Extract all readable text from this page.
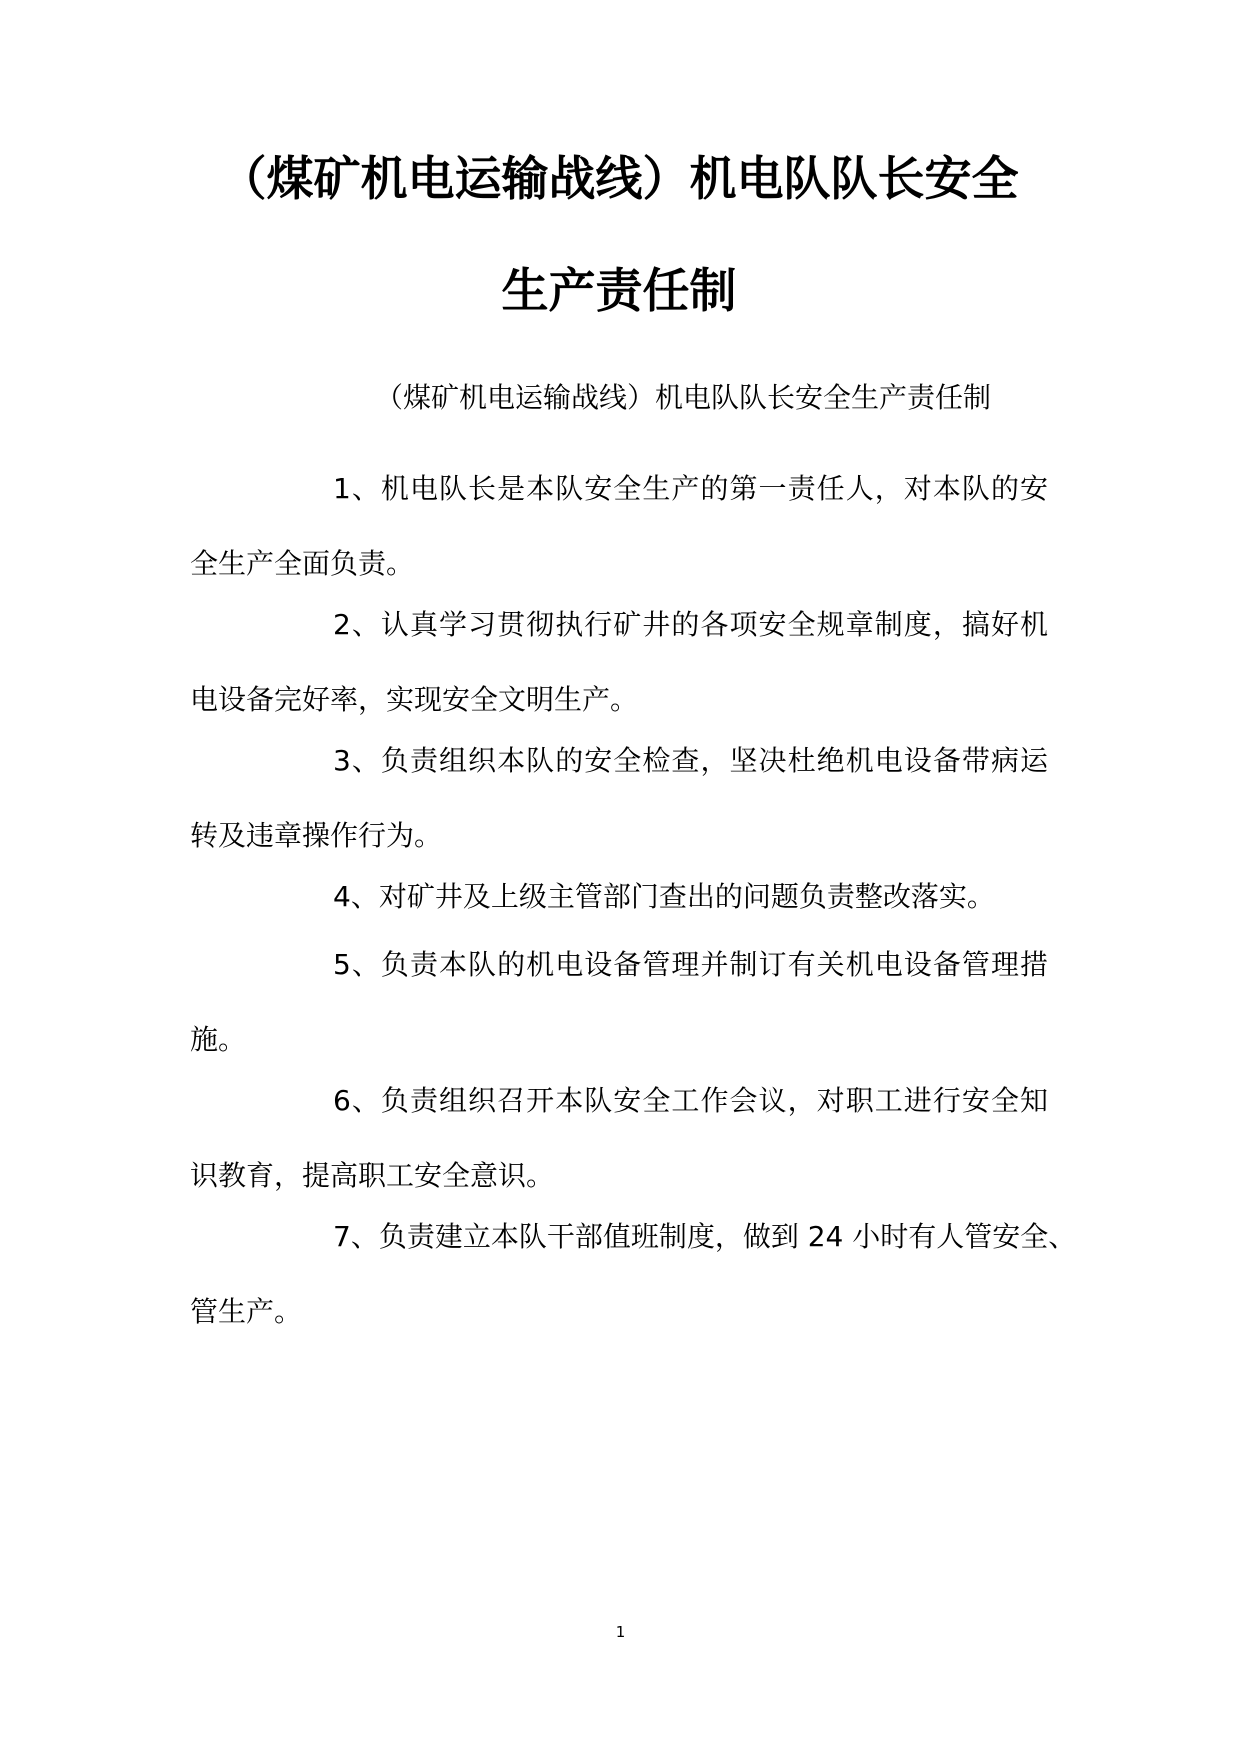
（煤矿机电运输战线）机电队队长安全
生产责任制
（煤矿机电运输战线）机电队队长安全生产责任制
1、机电队长是本队安全生产的第一责任人，对本队的安
全生产全面负责。
2、认真学习贯彻执行矿井的各项安全规章制度，搞好机
电设备完好率，实现安全文明生产。
3、负责组织本队的安全检查，坚决杜绝机电设备带病运
转及违章操作行为。
4、对矿井及上级主管部门查出的问题负责整改落实。
5、负责本队的机电设备管理并制订有关机电设备管理措
施。
6、负责组织召开本队安全工作会议，对职工进行安全知
识教育，提高职工安全意识。
7、负责建立本队干部值班制度，做到 24 小时有人管安全、
管生产。
1
